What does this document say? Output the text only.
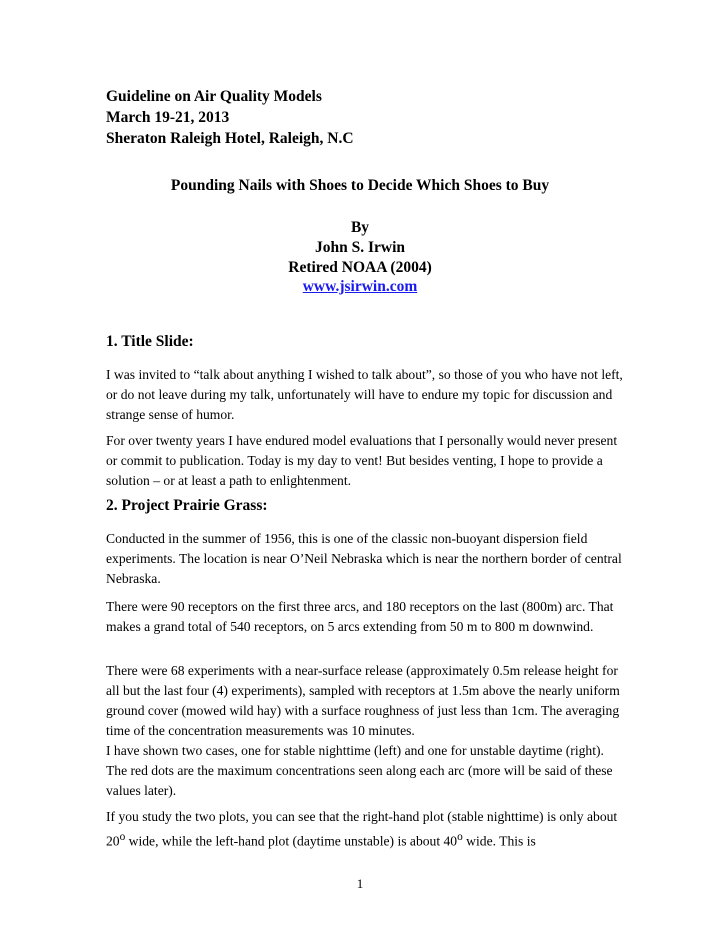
Guideline on Air Quality Models
March 19-21, 2013
Sheraton Raleigh Hotel, Raleigh, N.C
Pounding Nails with Shoes to Decide Which Shoes to Buy
By
John S. Irwin
Retired NOAA (2004)
www.jsirwin.com
1. Title Slide:
I was invited to “talk about anything I wished to talk about”, so those of you who have not left, or do not leave during my talk, unfortunately will have to endure my topic for discussion and strange sense of humor.
For over twenty years I have endured model evaluations that I personally would never present or commit to publication. Today is my day to vent! But besides venting, I hope to provide a solution – or at least a path to enlightenment.
2. Project Prairie Grass:
Conducted in the summer of 1956, this is one of the classic non-buoyant dispersion field experiments. The location is near O’Neil Nebraska which is near the northern border of central Nebraska.
There were 90 receptors on the first three arcs, and 180 receptors on the last (800m) arc. That makes a grand total of 540 receptors, on 5 arcs extending from 50 m to 800 m downwind.
There were 68 experiments with a near-surface release (approximately 0.5m release height for all but the last four (4) experiments), sampled with receptors at 1.5m above the nearly uniform ground cover (mowed wild hay) with a surface roughness of just less than 1cm. The averaging time of the concentration measurements was 10 minutes.
I have shown two cases, one for stable nighttime (left) and one for unstable daytime (right). The red dots are the maximum concentrations seen along each arc (more will be said of these values later).
If you study the two plots, you can see that the right-hand plot (stable nighttime) is only about 20$^o$ wide, while the left-hand plot (daytime unstable) is about 40$^o$ wide. This is
1
